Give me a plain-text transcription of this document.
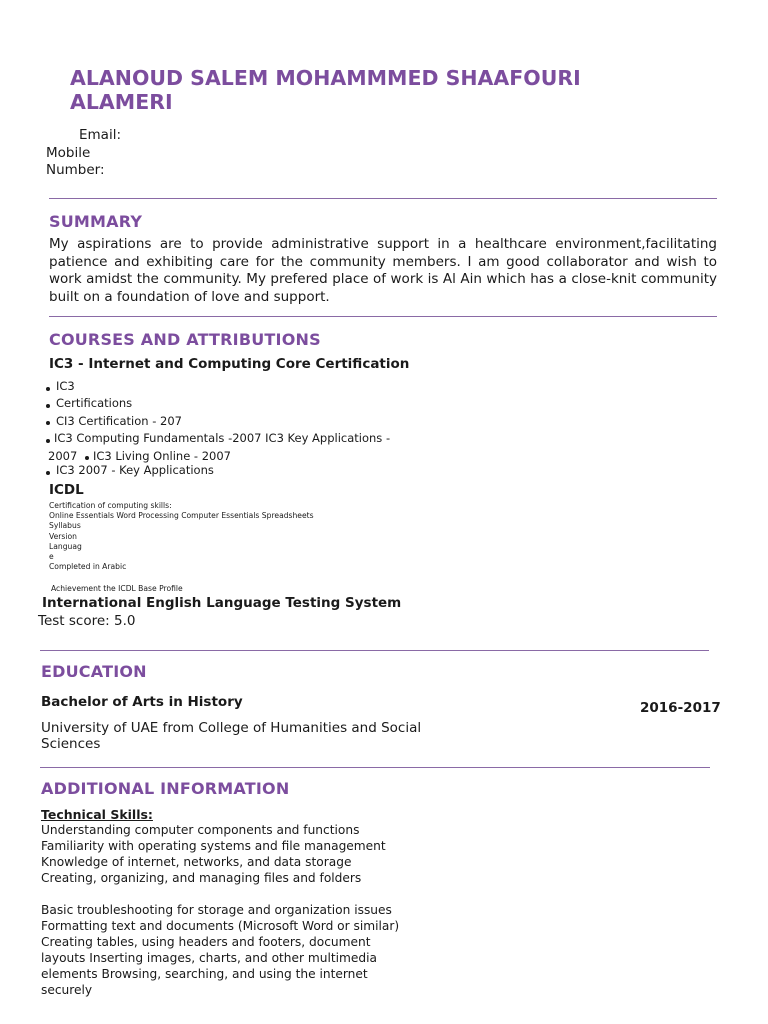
ALANOUD SALEM MOHAMMMED SHAAFOURI
ALAMERI
Email:
Mobile
Number:
SUMMARY
My aspirations are to provide administrative support in a healthcare environment,facilitating patience and exhibiting care for the community members. I am good collaborator and wish to work amidst the community. My prefered place of work is Al Ain which has a close-knit community built on a foundation of love and support.
COURSES AND ATTRIBUTIONS
IC3 - Internet and Computing Core Certification
IC3
Certifications
CI3 Certification - 207
IC3 Computing Fundamentals -2007 IC3 Key Applications -
2007 IC3 Living Online - 2007
IC3 2007 - Key Applications
ICDL
Certification of computing skills:
Online Essentials Word Processing Computer Essentials Spreadsheets
Syllabus
Version
Languag
e
Completed in Arabic
Achievement the ICDL Base Profile
International English Language Testing System
Test score: 5.0
EDUCATION
Bachelor of Arts in History	2016-2017
University of UAE from College of Humanities and Social
Sciences
ADDITIONAL INFORMATION
Technical Skills:
Understanding computer components and functions
Familiarity with operating systems and file management
Knowledge of internet, networks, and data storage
Creating, organizing, and managing files and folders
Basic troubleshooting for storage and organization issues
Formatting text and documents (Microsoft Word or similar)
Creating tables, using headers and footers, document
layouts Inserting images, charts, and other multimedia
elements Browsing, searching, and using the internet
securely
